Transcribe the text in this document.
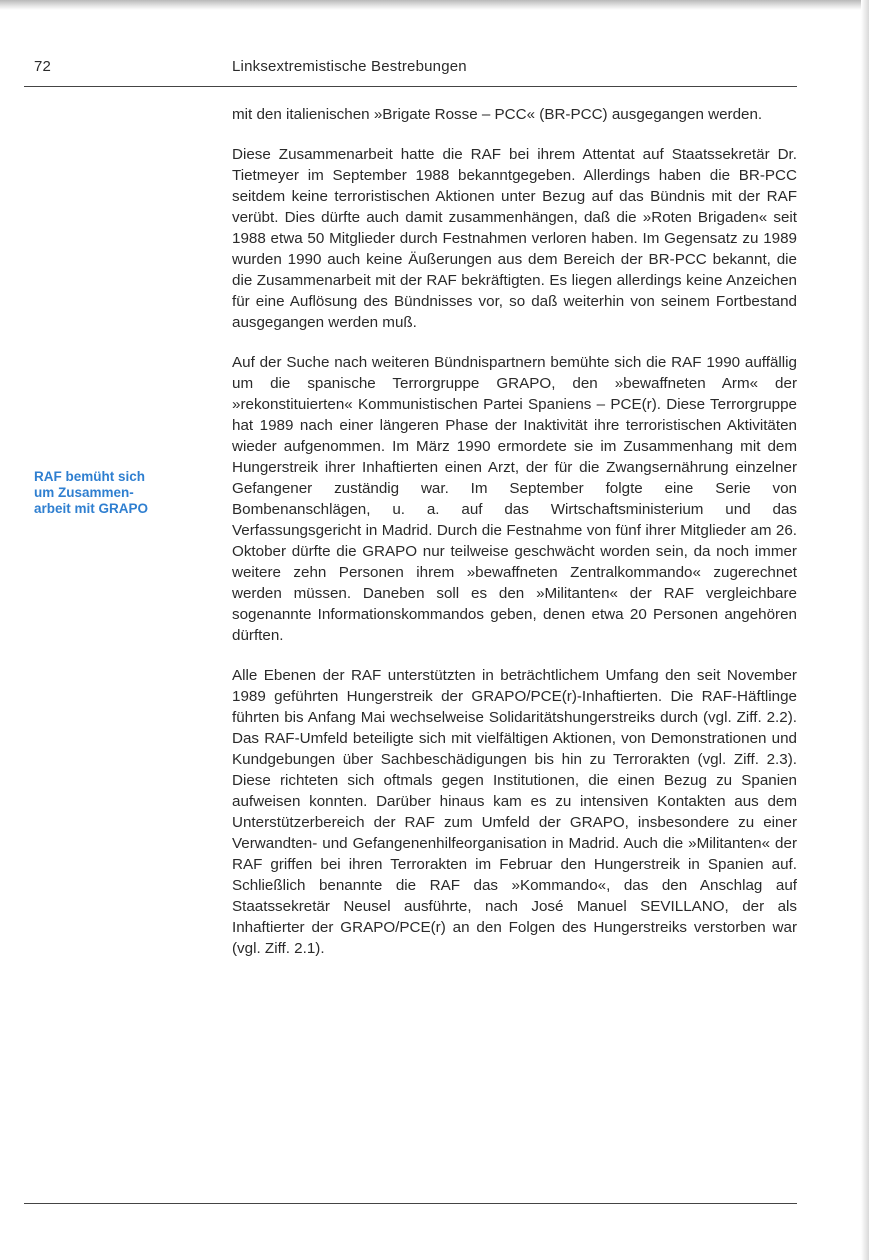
72	Linksextremistische Bestrebungen
RAF bemüht sich
um Zusammen-
arbeit mit GRAPO

mit den italienischen »Brigate Rosse – PCC« (BR-PCC) ausgegangen werden.

Diese Zusammenarbeit hatte die RAF bei ihrem Attentat auf Staatssekretär Dr. Tietmeyer im September 1988 bekanntgegeben. Allerdings haben die BR-PCC seitdem keine terroristischen Aktionen unter Bezug auf das Bündnis mit der RAF verübt. Dies dürfte auch damit zusammenhängen, daß die »Roten Brigaden« seit 1988 etwa 50 Mitglieder durch Festnahmen verloren haben. Im Gegensatz zu 1989 wurden 1990 auch keine Äußerungen aus dem Bereich der BR-PCC bekannt, die die Zusammenarbeit mit der RAF bekräftigten. Es liegen allerdings keine Anzeichen für eine Auflösung des Bündnisses vor, so daß weiterhin von seinem Fortbestand ausgegangen werden muß.

Auf der Suche nach weiteren Bündnispartnern bemühte sich die RAF 1990 auffällig um die spanische Terrorgruppe GRAPO, den »bewaffneten Arm« der »rekonstituierten« Kommunistischen Partei Spaniens – PCE(r). Diese Terrorgruppe hat 1989 nach einer längeren Phase der Inaktivität ihre terroristischen Aktivitäten wieder aufgenommen. Im März 1990 ermordete sie im Zusammenhang mit dem Hungerstreik ihrer Inhaftierten einen Arzt, der für die Zwangsernährung einzelner Gefangener zuständig war. Im September folgte eine Serie von Bombenanschlägen, u. a. auf das Wirtschaftsministerium und das Verfassungsgericht in Madrid. Durch die Festnahme von fünf ihrer Mitglieder am 26. Oktober dürfte die GRAPO nur teilweise geschwächt worden sein, da noch immer weitere zehn Personen ihrem »bewaffneten Zentralkommando« zugerechnet werden müssen. Daneben soll es den »Militanten« der RAF vergleichbare sogenannte Informationskommandos geben, denen etwa 20 Personen angehören dürften.

Alle Ebenen der RAF unterstützten in beträchtlichem Umfang den seit November 1989 geführten Hungerstreik der GRAPO/PCE(r)-Inhaftierten. Die RAF-Häftlinge führten bis Anfang Mai wechselweise Solidaritätshungerstreiks durch (vgl. Ziff. 2.2). Das RAF-Umfeld beteiligte sich mit vielfältigen Aktionen, von Demonstrationen und Kundgebungen über Sachbeschädigungen bis hin zu Terrorakten (vgl. Ziff. 2.3). Diese richteten sich oftmals gegen Institutionen, die einen Bezug zu Spanien aufweisen konnten. Darüber hinaus kam es zu intensiven Kontakten aus dem Unterstützerbereich der RAF zum Umfeld der GRAPO, insbesondere zu einer Verwandten- und Gefangenenhilfeorganisation in Madrid. Auch die »Militanten« der RAF griffen bei ihren Terrorakten im Februar den Hungerstreik in Spanien auf. Schließlich benannte die RAF das »Kommando«, das den Anschlag auf Staatssekretär Neusel ausführte, nach José Manuel SEVILLANO, der als Inhaftierter der GRAPO/PCE(r) an den Folgen des Hungerstreiks verstorben war (vgl. Ziff. 2.1).
